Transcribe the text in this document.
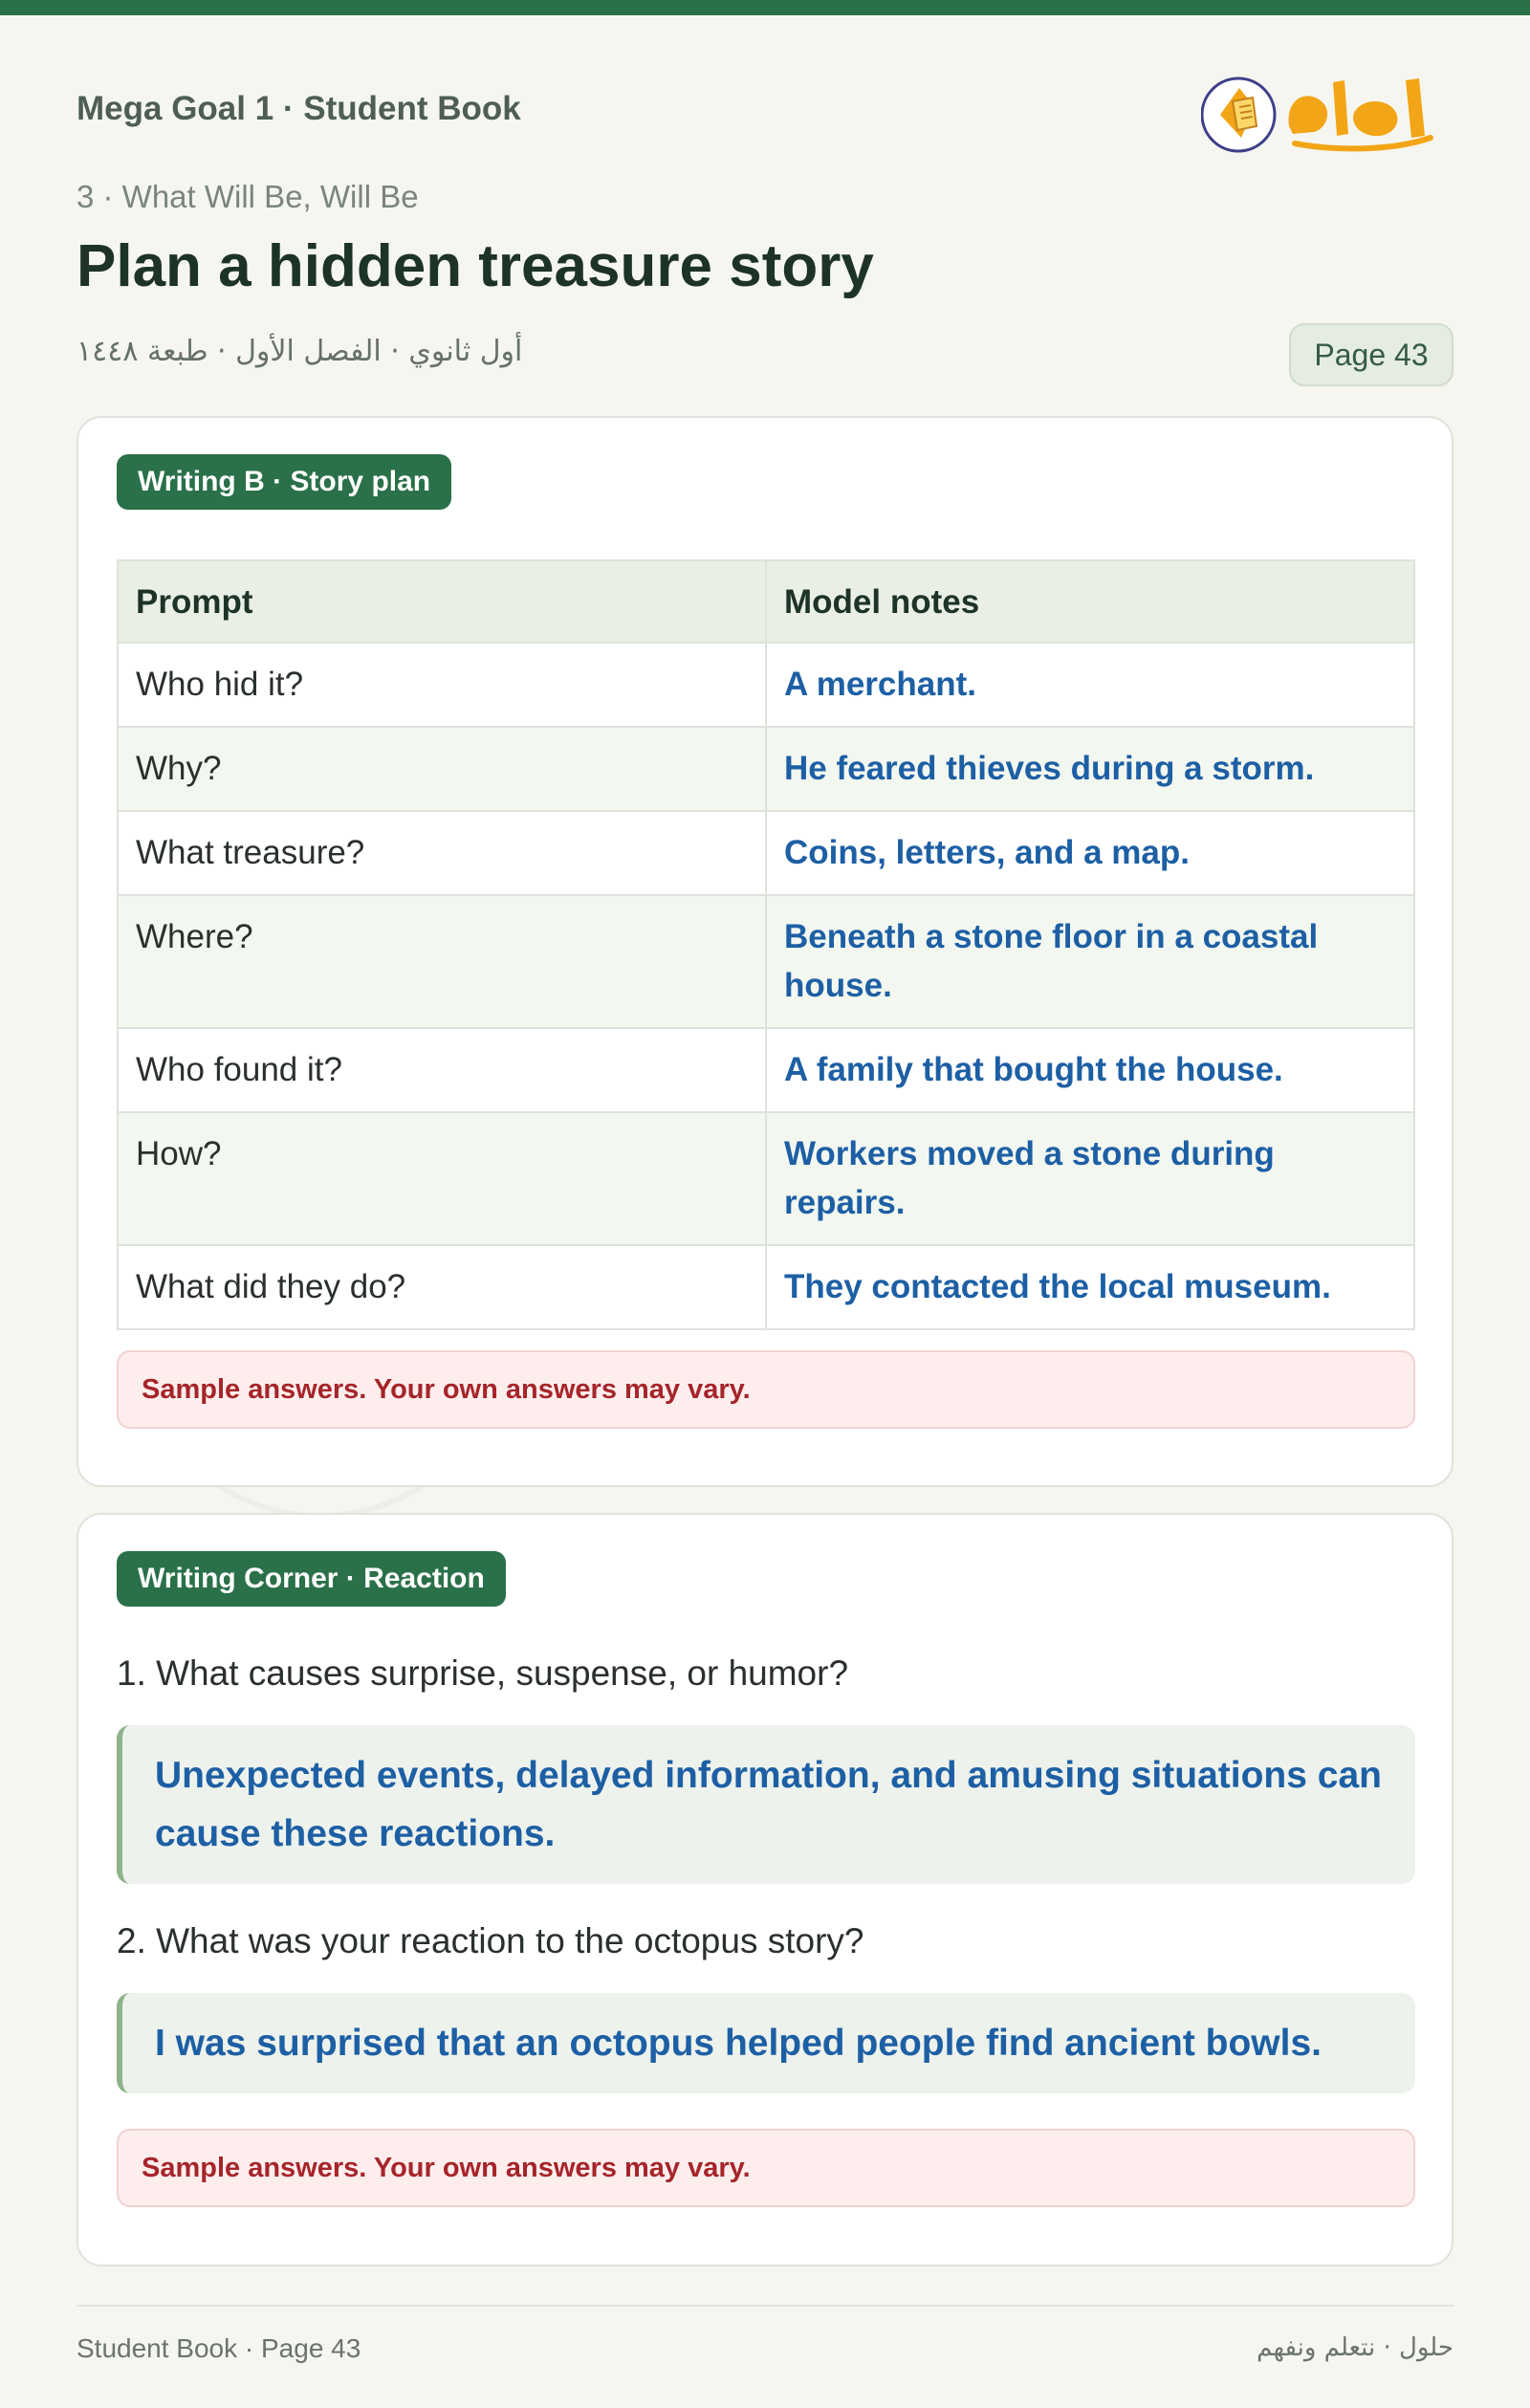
Mega Goal 1 · Student Book
3 · What Will Be, Will Be
Plan a hidden treasure story
أول ثانوي · الفصل الأول · طبعة ١٤٤٨	Page 43
Writing B · Story plan
Prompt	Model notes
Who hid it?	A merchant.
Why?	He feared thieves during a storm.
What treasure?	Coins, letters, and a map.
Where?	Beneath a stone floor in a coastal house.
Who found it?	A family that bought the house.
How?	Workers moved a stone during repairs.
What did they do?	They contacted the local museum.
Sample answers. Your own answers may vary.
Writing Corner · Reaction
1. What causes surprise, suspense, or humor?
Unexpected events, delayed information, and amusing situations can cause these reactions.
2. What was your reaction to the octopus story?
I was surprised that an octopus helped people find ancient bowls.
Sample answers. Your own answers may vary.
Student Book · Page 43	حلول · نتعلم ونفهم
